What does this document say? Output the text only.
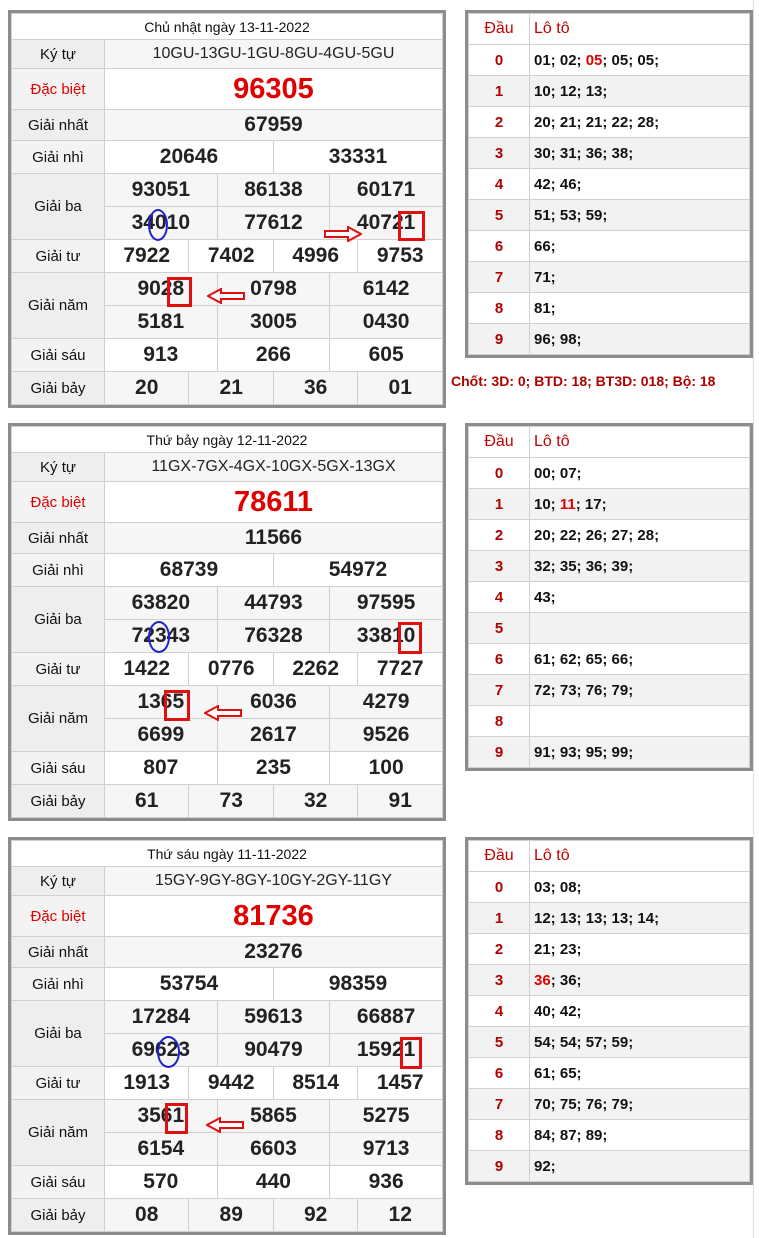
Chủ nhật ngày 13-11-2022						
Ký tự	10GU-13GU-1GU-8GU-4GU-5GU					
Đặc biệt	96305					
Giải nhất	67959					
Giải nhì	20646			33331		
Giải ba	93051		86138		60171	
	34010		77612		40721	
Giải tư	7922	7402		4996		9753
Giải năm	9028		0798		6142	
	5181		3005		0430	
Giải sáu	913		266		605	
Giải bảy	20	21		36		01
Đầu	Lô tô
0	01; 02; 05; 05; 05;
1	10; 12; 13;
2	20; 21; 21; 22; 28;
3	30; 31; 36; 38;
4	42; 46;
5	51; 53; 59;
6	66;
7	71;
8	81;
9	96; 98;
Thứ bảy ngày 12-11-2022						
Ký tự	11GX-7GX-4GX-10GX-5GX-13GX					
Đặc biệt	78611					
Giải nhất	11566					
Giải nhì	68739			54972		
Giải ba	63820		44793		97595	
	72343		76328		33810	
Giải tư	1422	0776		2262		7727
Giải năm	1365		6036		4279	
	6699		2617		9526	
Giải sáu	807		235		100	
Giải bảy	61	73		32		91
Đầu	Lô tô
0	00; 07;
1	10; 11; 17;
2	20; 22; 26; 27; 28;
3	32; 35; 36; 39;
4	43;
5	
6	61; 62; 65; 66;
7	72; 73; 76; 79;
8	
9	91; 93; 95; 99;
Thứ sáu ngày 11-11-2022						
Ký tự	15GY-9GY-8GY-10GY-2GY-11GY					
Đặc biệt	81736					
Giải nhất	23276					
Giải nhì	53754			98359		
Giải ba	17284		59613		66887	
	69623		90479		15921	
Giải tư	1913	9442		8514		1457
Giải năm	3561		5865		5275	
	6154		6603		9713	
Giải sáu	570		440		936	
Giải bảy	08	89		92		12
Đầu	Lô tô
0	03; 08;
1	12; 13; 13; 13; 14;
2	21; 23;
3	36; 36;
4	40; 42;
5	54; 54; 57; 59;
6	61; 65;
7	70; 75; 76; 79;
8	84; 87; 89;
9	92;
Chốt: 3D: 0; BTD: 18; BT3D: 018; Bộ: 18
